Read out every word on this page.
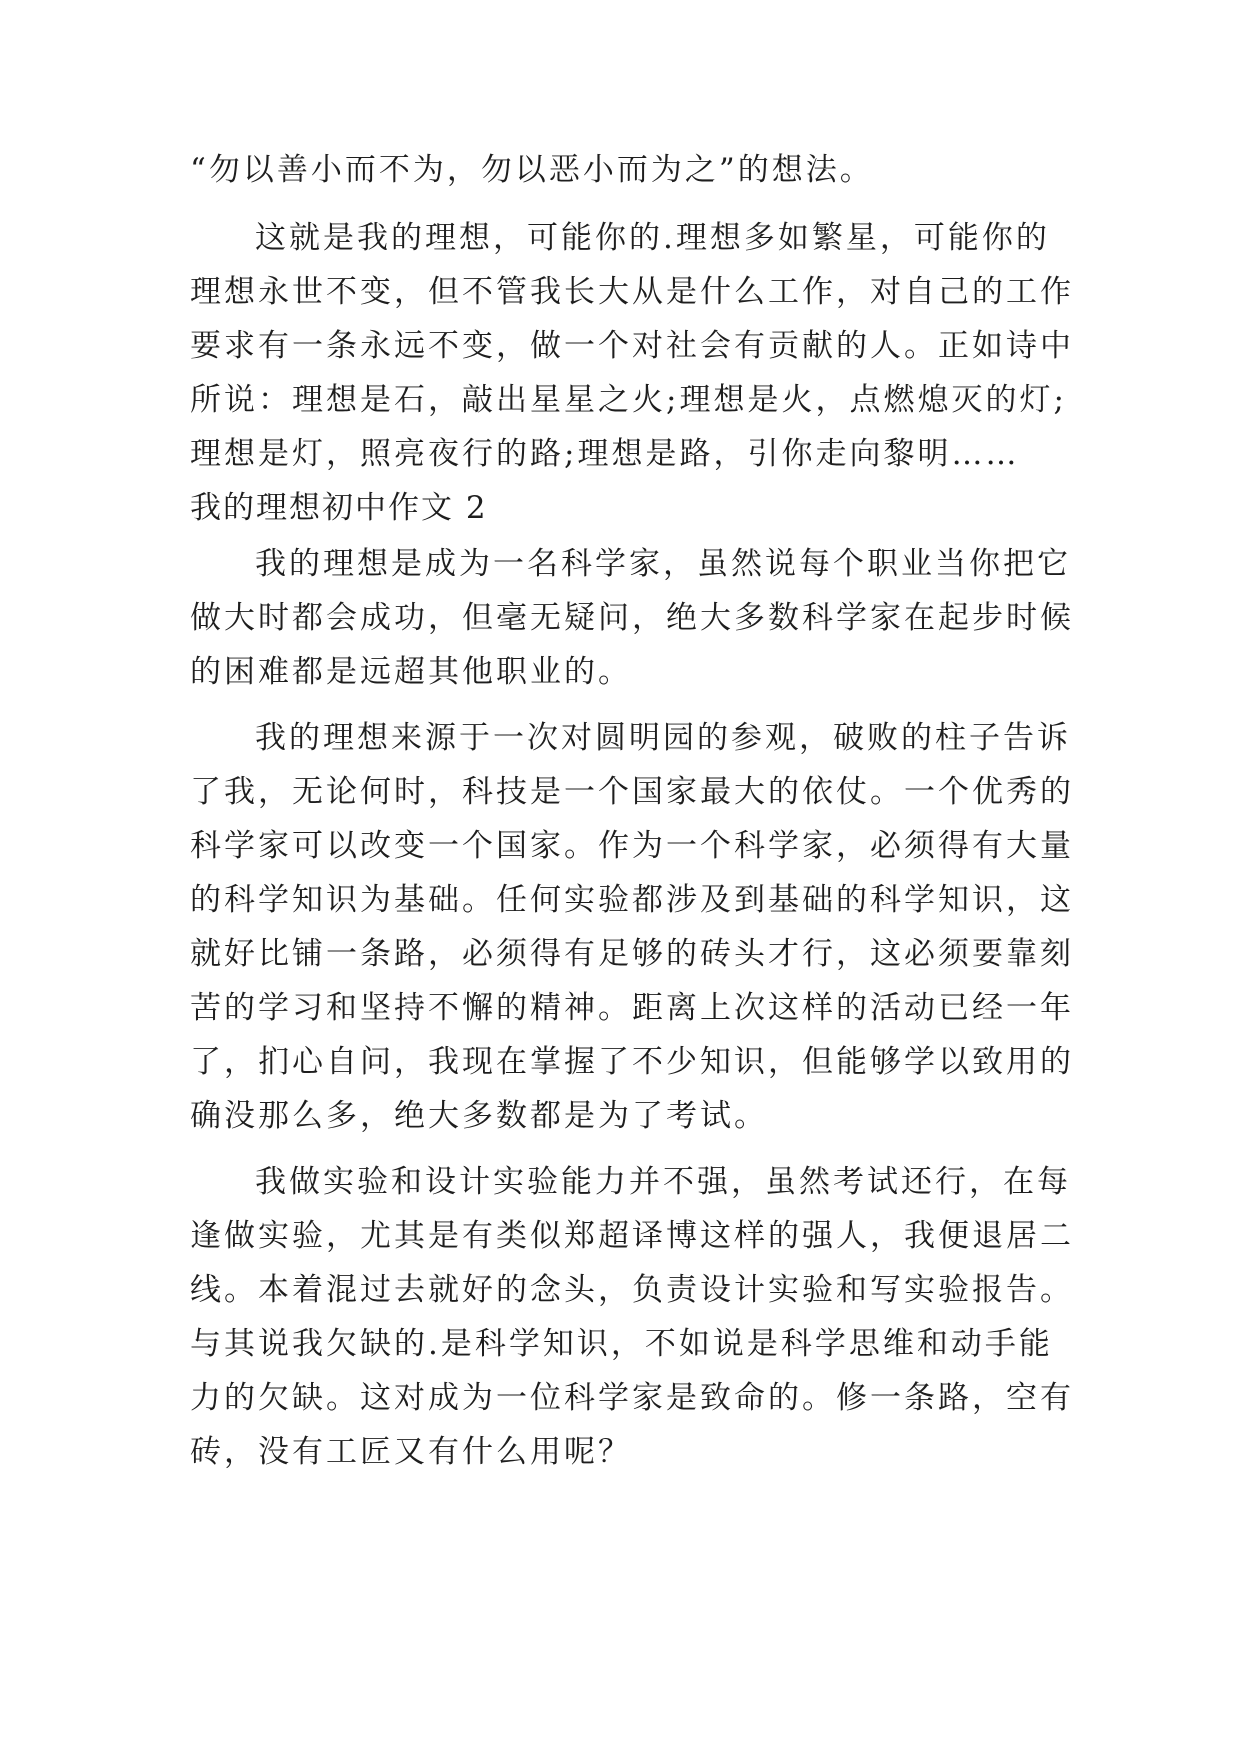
“勿以善小而不为，勿以恶小而为之”的想法。
这就是我的理想，可能你的.理想多如繁星，可能你的
理想永世不变，但不管我长大从是什么工作，对自己的工作
要求有一条永远不变，做一个对社会有贡献的人。正如诗中
所说：理想是石，敲出星星之火;理想是火，点燃熄灭的灯;
理想是灯，照亮夜行的路;理想是路，引你走向黎明……
我的理想初中作文 2
我的理想是成为一名科学家，虽然说每个职业当你把它
做大时都会成功，但毫无疑问，绝大多数科学家在起步时候
的困难都是远超其他职业的。
我的理想来源于一次对圆明园的参观，破败的柱子告诉
了我，无论何时，科技是一个国家最大的依仗。一个优秀的
科学家可以改变一个国家。作为一个科学家，必须得有大量
的科学知识为基础。任何实验都涉及到基础的科学知识，这
就好比铺一条路，必须得有足够的砖头才行，这必须要靠刻
苦的学习和坚持不懈的精神。距离上次这样的活动已经一年
了，扪心自问，我现在掌握了不少知识，但能够学以致用的
确没那么多，绝大多数都是为了考试。
我做实验和设计实验能力并不强，虽然考试还行，在每
逢做实验，尤其是有类似郑超译博这样的强人，我便退居二
线。本着混过去就好的念头，负责设计实验和写实验报告。
与其说我欠缺的.是科学知识，不如说是科学思维和动手能
力的欠缺。这对成为一位科学家是致命的。修一条路，空有
砖，没有工匠又有什么用呢？
